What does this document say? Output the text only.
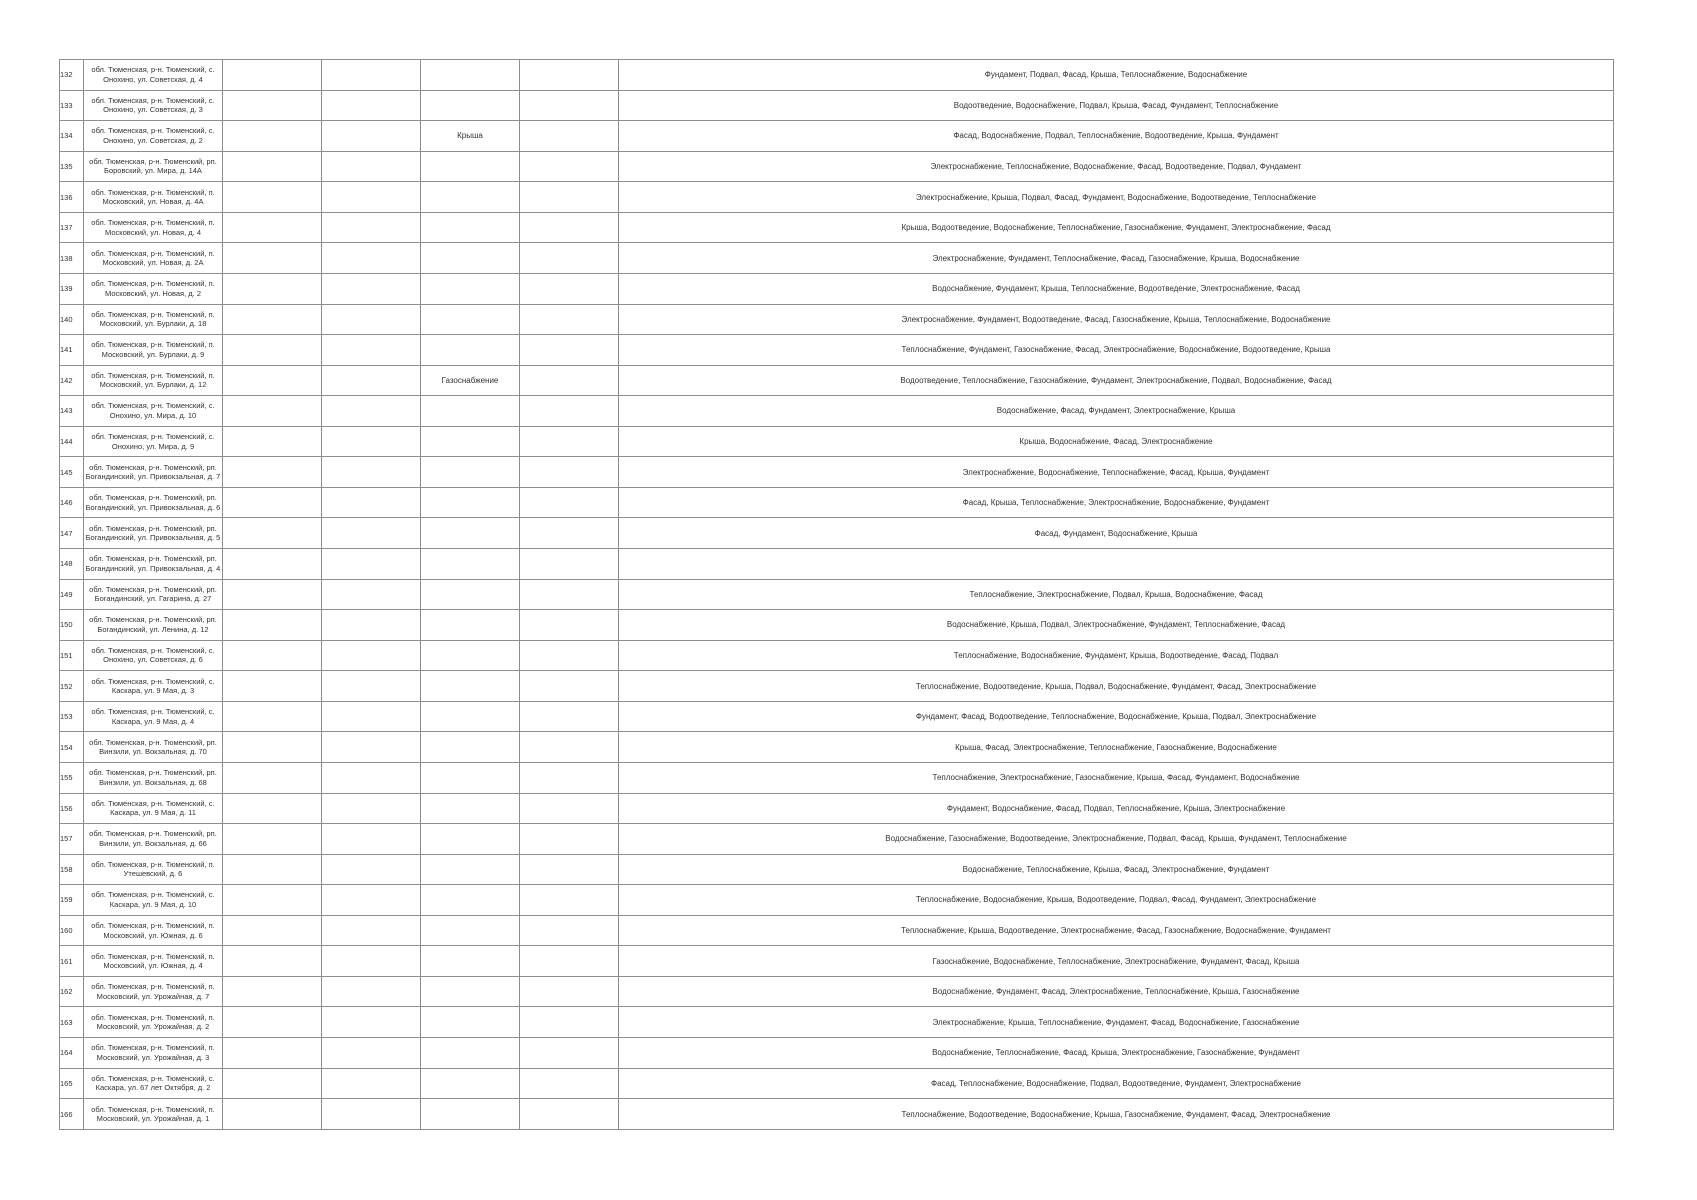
132	обл. Тюменская, р-н. Тюменский, с. Онохино, ул. Советская, д. 4					Фундамент, Подвал, Фасад, Крыша, Теплоснабжение, Водоснабжение
133	обл. Тюменская, р-н. Тюменский, с. Онохино, ул. Советская, д. 3					Водоотведение, Водоснабжение, Подвал, Крыша, Фасад, Фундамент, Теплоснабжение
134	обл. Тюменская, р-н. Тюменский, с. Онохино, ул. Советская, д. 2			Крыша		Фасад, Водоснабжение, Подвал, Теплоснабжение, Водоотведение, Крыша, Фундамент
135	обл. Тюменская, р-н. Тюменский, рп. Боровский, ул. Мира, д. 14А					Электроснабжение, Теплоснабжение, Водоснабжение, Фасад, Водоотведение, Подвал, Фундамент
136	обл. Тюменская, р-н. Тюменский, п. Московский, ул. Новая, д. 4А					Электроснабжение, Крыша, Подвал, Фасад, Фундамент, Водоснабжение, Водоотведение, Теплоснабжение
137	обл. Тюменская, р-н. Тюменский, п. Московский, ул. Новая, д. 4					Крыша, Водоотведение, Водоснабжение, Теплоснабжение, Газоснабжение, Фундамент, Электроснабжение, Фасад
138	обл. Тюменская, р-н. Тюменский, п. Московский, ул. Новая, д. 2А					Электроснабжение, Фундамент, Теплоснабжение, Фасад, Газоснабжение, Крыша, Водоснабжение
139	обл. Тюменская, р-н. Тюменский, п. Московский, ул. Новая, д. 2					Водоснабжение, Фундамент, Крыша, Теплоснабжение, Водоотведение, Электроснабжение, Фасад
140	обл. Тюменская, р-н. Тюменский, п. Московский, ул. Бурлаки, д. 18					Электроснабжение, Фундамент, Водоотведение, Фасад, Газоснабжение, Крыша, Теплоснабжение, Водоснабжение
141	обл. Тюменская, р-н. Тюменский, п. Московский, ул. Бурлаки, д. 9					Теплоснабжение, Фундамент, Газоснабжение, Фасад, Электроснабжение, Водоснабжение, Водоотведение, Крыша
142	обл. Тюменская, р-н. Тюменский, п. Московский, ул. Бурлаки, д. 12			Газоснабжение		Водоотведение, Теплоснабжение, Газоснабжение, Фундамент, Электроснабжение, Подвал, Водоснабжение, Фасад
143	обл. Тюменская, р-н. Тюменский, с. Онохино, ул. Мира, д. 10					Водоснабжение, Фасад, Фундамент, Электроснабжение, Крыша
144	обл. Тюменская, р-н. Тюменский, с. Онохино, ул. Мира, д. 9					Крыша, Водоснабжение, Фасад, Электроснабжение
145	обл. Тюменская, р-н. Тюменский, рп. Богандинский, ул. Привокзальная, д. 7					Электроснабжение, Водоснабжение, Теплоснабжение, Фасад, Крыша, Фундамент
146	обл. Тюменская, р-н. Тюменский, рп. Богандинский, ул. Привокзальная, д. 6					Фасад, Крыша, Теплоснабжение, Электроснабжение, Водоснабжение, Фундамент
147	обл. Тюменская, р-н. Тюменский, рп. Богандинский, ул. Привокзальная, д. 5					Фасад, Фундамент, Водоснабжение, Крыша
148	обл. Тюменская, р-н. Тюменский, рп. Богандинский, ул. Привокзальная, д. 4					
149	обл. Тюменская, р-н. Тюменский, рп. Богандинский, ул. Гагарина, д. 27					Теплоснабжение, Электроснабжение, Подвал, Крыша, Водоснабжение, Фасад
150	обл. Тюменская, р-н. Тюменский, рп. Богандинский, ул. Ленина, д. 12					Водоснабжение, Крыша, Подвал, Электроснабжение, Фундамент, Теплоснабжение, Фасад
151	обл. Тюменская, р-н. Тюменский, с. Онохино, ул. Советская, д. 6					Теплоснабжение, Водоснабжение, Фундамент, Крыша, Водоотведение, Фасад, Подвал
152	обл. Тюменская, р-н. Тюменский, с. Каскара, ул. 9 Мая, д. 3					Теплоснабжение, Водоотведение, Крыша, Подвал, Водоснабжение, Фундамент, Фасад, Электроснабжение
153	обл. Тюменская, р-н. Тюменский, с. Каскара, ул. 9 Мая, д. 4					Фундамент, Фасад, Водоотведение, Теплоснабжение, Водоснабжение, Крыша, Подвал, Электроснабжение
154	обл. Тюменская, р-н. Тюменский, рп. Винзили, ул. Вокзальная, д. 70					Крыша, Фасад, Электроснабжение, Теплоснабжение, Газоснабжение, Водоснабжение
155	обл. Тюменская, р-н. Тюменский, рп. Винзили, ул. Вокзальная, д. 68					Теплоснабжение, Электроснабжение, Газоснабжение, Крыша, Фасад, Фундамент, Водоснабжение
156	обл. Тюменская, р-н. Тюменский, с. Каскара, ул. 9 Мая, д. 11					Фундамент, Водоснабжение, Фасад, Подвал, Теплоснабжение, Крыша, Электроснабжение
157	обл. Тюменская, р-н. Тюменский, рп. Винзили, ул. Вокзальная, д. 66					Водоснабжение, Газоснабжение, Водоотведение, Электроснабжение, Подвал, Фасад, Крыша, Фундамент, Теплоснабжение
158	обл. Тюменская, р-н. Тюменский, п. Утешевский, д. 6					Водоснабжение, Теплоснабжение, Крыша, Фасад, Электроснабжение, Фундамент
159	обл. Тюменская, р-н. Тюменский, с. Каскара, ул. 9 Мая, д. 10					Теплоснабжение, Водоснабжение, Крыша, Водоотведение, Подвал, Фасад, Фундамент, Электроснабжение
160	обл. Тюменская, р-н. Тюменский, п. Московский, ул. Южная, д. 6					Теплоснабжение, Крыша, Водоотведение, Электроснабжение, Фасад, Газоснабжение, Водоснабжение, Фундамент
161	обл. Тюменская, р-н. Тюменский, п. Московский, ул. Южная, д. 4					Газоснабжение, Водоснабжение, Теплоснабжение, Электроснабжение, Фундамент, Фасад, Крыша
162	обл. Тюменская, р-н. Тюменский, п. Московский, ул. Урожайная, д. 7					Водоснабжение, Фундамент, Фасад, Электроснабжение, Теплоснабжение, Крыша, Газоснабжение
163	обл. Тюменская, р-н. Тюменский, п. Московский, ул. Урожайная, д. 2					Электроснабжение, Крыша, Теплоснабжение, Фундамент, Фасад, Водоснабжение, Газоснабжение
164	обл. Тюменская, р-н. Тюменский, п. Московский, ул. Урожайная, д. 3					Водоснабжение, Теплоснабжение, Фасад, Крыша, Электроснабжение, Газоснабжение, Фундамент
165	обл. Тюменская, р-н. Тюменский, с. Каскара, ул. 67 лет Октября, д. 2					Фасад, Теплоснабжение, Водоснабжение, Подвал, Водоотведение, Фундамент, Электроснабжение
166	обл. Тюменская, р-н. Тюменский, п. Московский, ул. Урожайная, д. 1					Теплоснабжение, Водоотведение, Водоснабжение, Крыша, Газоснабжение, Фундамент, Фасад, Электроснабжение
